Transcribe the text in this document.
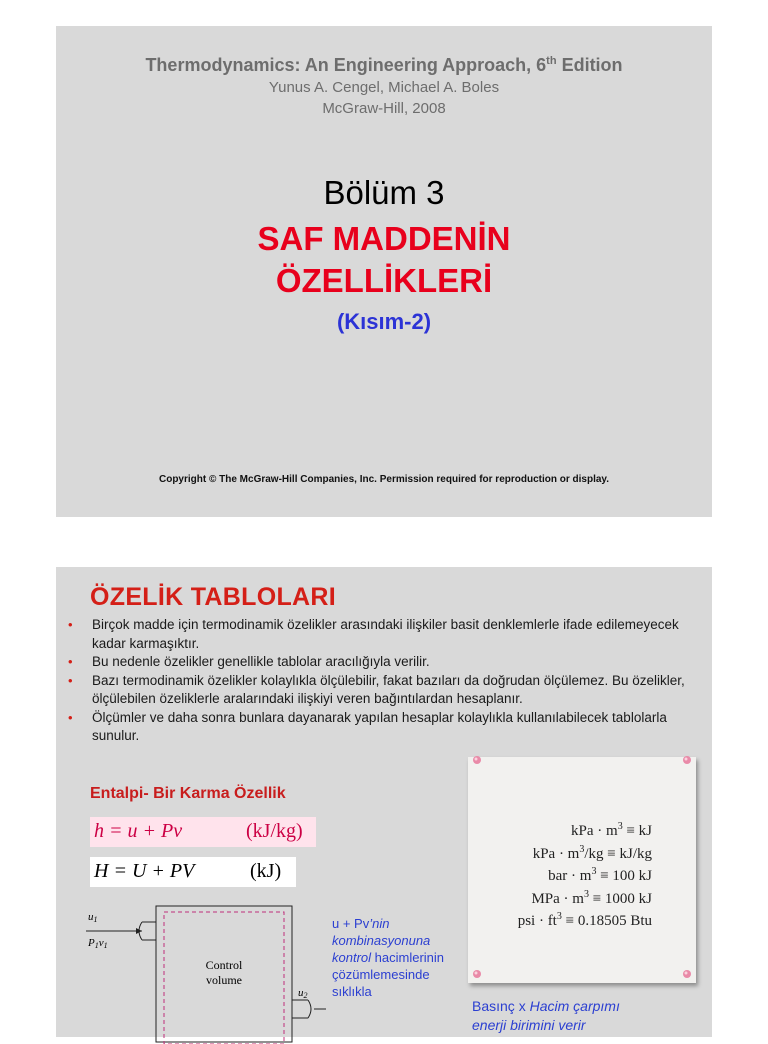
Thermodynamics: An Engineering Approach, 6th Edition
Yunus A. Cengel, Michael A. Boles
McGraw-Hill, 2008
Bölüm 3
SAF MADDENİN
ÖZELLİKLERİ
(Kısım-2)
Copyright © The McGraw-Hill Companies, Inc. Permission required for reproduction or display.
ÖZELİK TABLOLARI
• Birçok madde için termodinamik özelikler arasındaki ilişkiler basit denklemlerle ifade edilemeyecek kadar karmaşıktır.
• Bu nedenle özelikler genellikle tablolar aracılığıyla verilir.
• Bazı termodinamik özelikler kolaylıkla ölçülebilir, fakat bazıları da doğrudan ölçülemez. Bu özelikler, ölçülebilen özeliklerle aralarındaki ilişkiyi veren bağıntılardan hesaplanır.
• Ölçümler ve daha sonra bunlara dayanarak yapılan hesaplar kolaylıkla kullanılabilecek tablolarla sunulur.
Entalpi- Bir Karma Özellik
h = u + Pv	(kJ/kg)
H = U + PV	(kJ)
u1
P1v1
Control
volume
u2
u + Pv’nin kombinasyonuna kontrol hacimlerinin çözümlemesinde sıklıkla
kPa · $m^3$ ≡ kJ
kPa · $m^3/kg \equiv kJ/kg$
bar · $m^3 \equiv 100$ kJ
MPa · $m^3 \equiv 1000$ kJ
psi · $ft^3 \equiv 0.18505$ Btu
Basınç x Hacim çarpımı
enerji birimini verir
